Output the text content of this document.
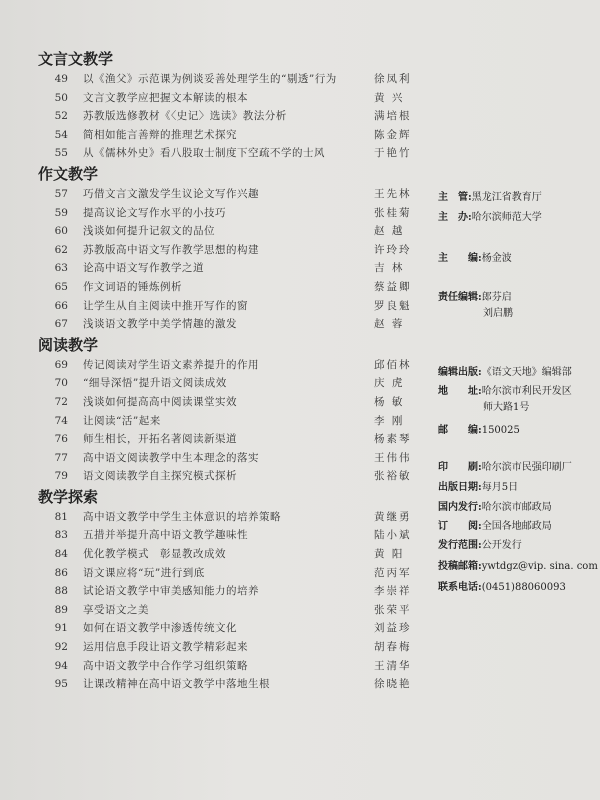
文言文教学
49 以《渔父》示范课为例谈妥善处理学生的“剔透”行为	徐凤利
50 文言文教学应把握文本解读的根本	黄 兴
52 苏教版选修教材《〈史记〉选读》教法分析	满培根
54 简相如能言善辩的推理艺术探究	陈金辉
55 从《儒林外史》看八股取士制度下空疏不学的士风	于艳竹
作文教学
57 巧借文言文激发学生议论文写作兴趣	王先林
59 提高议论文写作水平的小技巧	张桂菊
60 浅谈如何提升记叙文的品位	赵 越
62 苏教版高中语文写作教学思想的构建	许玲玲
63 论高中语文写作教学之道	吉 林
65 作文词语的锤炼例析	蔡益卿
66 让学生从自主阅读中推开写作的窗	罗良魁
67 浅谈语文教学中美学情趣的激发	赵 蓉
阅读教学
69 传记阅读对学生语文素养提升的作用	邱佰林
70 “细导深悟”提升语文阅读成效	庆 虎
72 浅谈如何提高高中阅读课堂实效	杨 敏
74 让阅读“活”起来	李 刚
76 师生相长，开拓名著阅读新渠道	杨素琴
77 高中语文阅读教学中生本理念的落实	王伟伟
79 语文阅读教学自主探究模式探析	张裕敏
教学探索
81 高中语文教学中学生主体意识的培养策略	黄继勇
83 五措并举提升高中语文教学趣味性	陆小斌
84 优化教学模式　彰显教改成效	黄 阳
86 语文课应将“玩”进行到底	范丙军
88 试论语文教学中审美感知能力的培养	李崇祥
89 享受语文之美	张荣平
91 如何在语文教学中渗透传统文化	刘益珍
92 运用信息手段让语文教学精彩起来	胡春梅
94 高中语文教学中合作学习组织策略	王清华
95 让课改精神在高中语文教学中落地生根	徐晓艳
主　管:黑龙江省教育厅
主　办:哈尔滨师范大学
主　　编:杨金波
责任编辑:郎芬启
刘启鹏
编辑出版:《语文天地》编辑部
地　　址:哈尔滨市利民开发区
师大路1号
邮　　编:150025
印　　刷:哈尔滨市民强印刷厂
出版日期:每月5日
国内发行:哈尔滨市邮政局
订　　阅:全国各地邮政局
发行范围:公开发行
投稿邮箱:ywtdgz@vip. sina. com
联系电话:(0451)88060093
